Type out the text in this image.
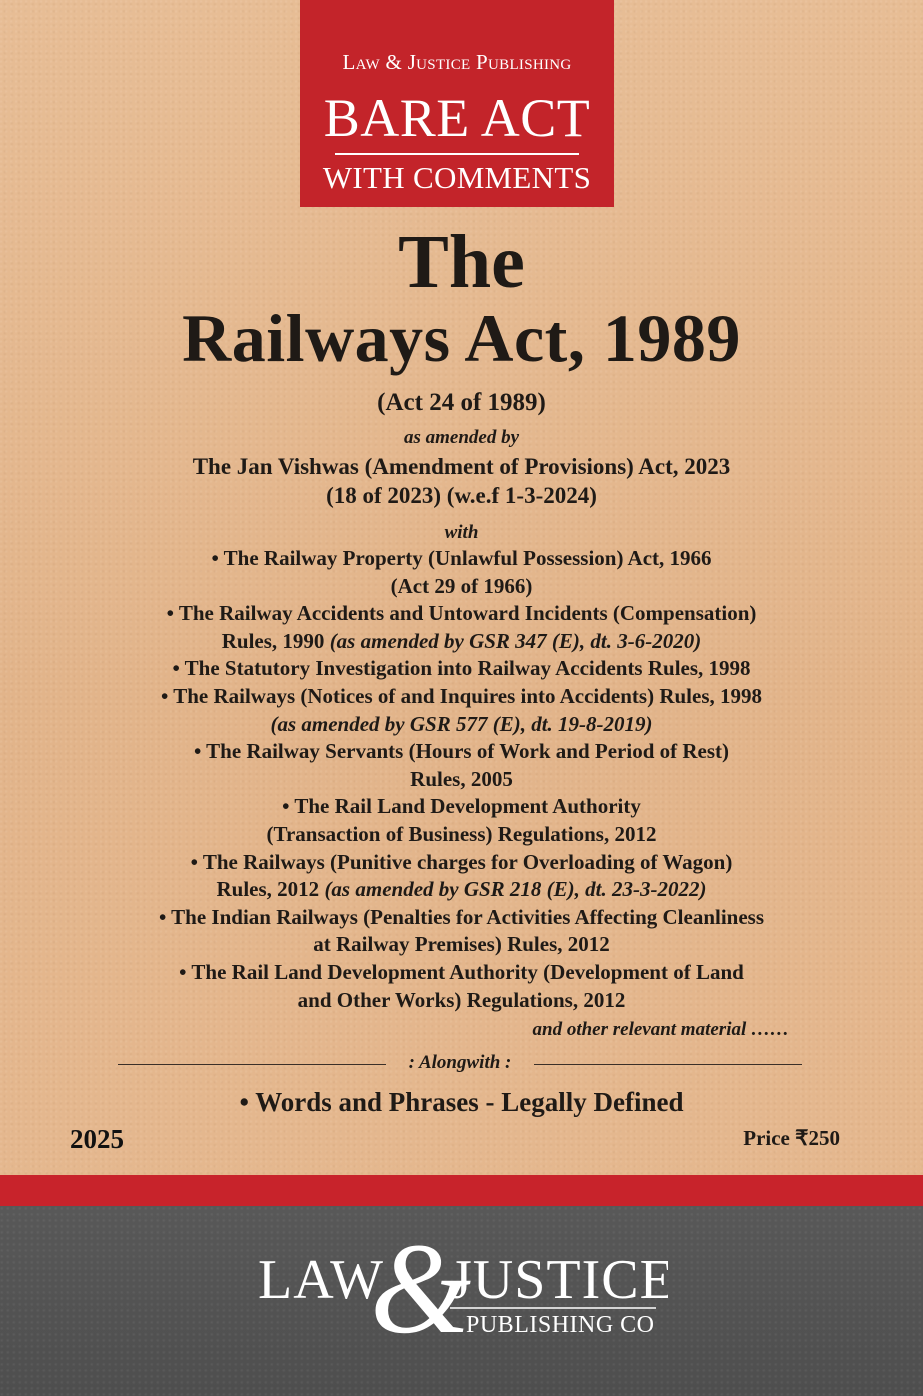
Law & Justice Publishing
BARE ACT
WITH COMMENTS
The
Railways Act, 1989
(Act 24 of 1989)
as amended by
The Jan Vishwas (Amendment of Provisions) Act, 2023
(18 of 2023) (w.e.f 1-3-2024)
with
• The Railway Property (Unlawful Possession) Act, 1966
(Act 29 of 1966)
• The Railway Accidents and Untoward Incidents (Compensation)
Rules, 1990 (as amended by GSR 347 (E), dt. 3-6-2020)
• The Statutory Investigation into Railway Accidents Rules, 1998
• The Railways (Notices of and Inquires into Accidents) Rules, 1998
(as amended by GSR 577 (E), dt. 19-8-2019)
• The Railway Servants (Hours of Work and Period of Rest)
Rules, 2005
• The Rail Land Development Authority
(Transaction of Business) Regulations, 2012
• The Railways (Punitive charges for Overloading of Wagon)
Rules, 2012 (as amended by GSR 218 (E), dt. 23-3-2022)
• The Indian Railways (Penalties for Activities Affecting Cleanliness
at Railway Premises) Rules, 2012
• The Rail Land Development Authority (Development of Land
and Other Works) Regulations, 2012
and other relevant material ……
: Alongwith :
• Words and Phrases - Legally Defined
2025	Price ₹250
&
LAW JUSTICE
PUBLISHING CO
